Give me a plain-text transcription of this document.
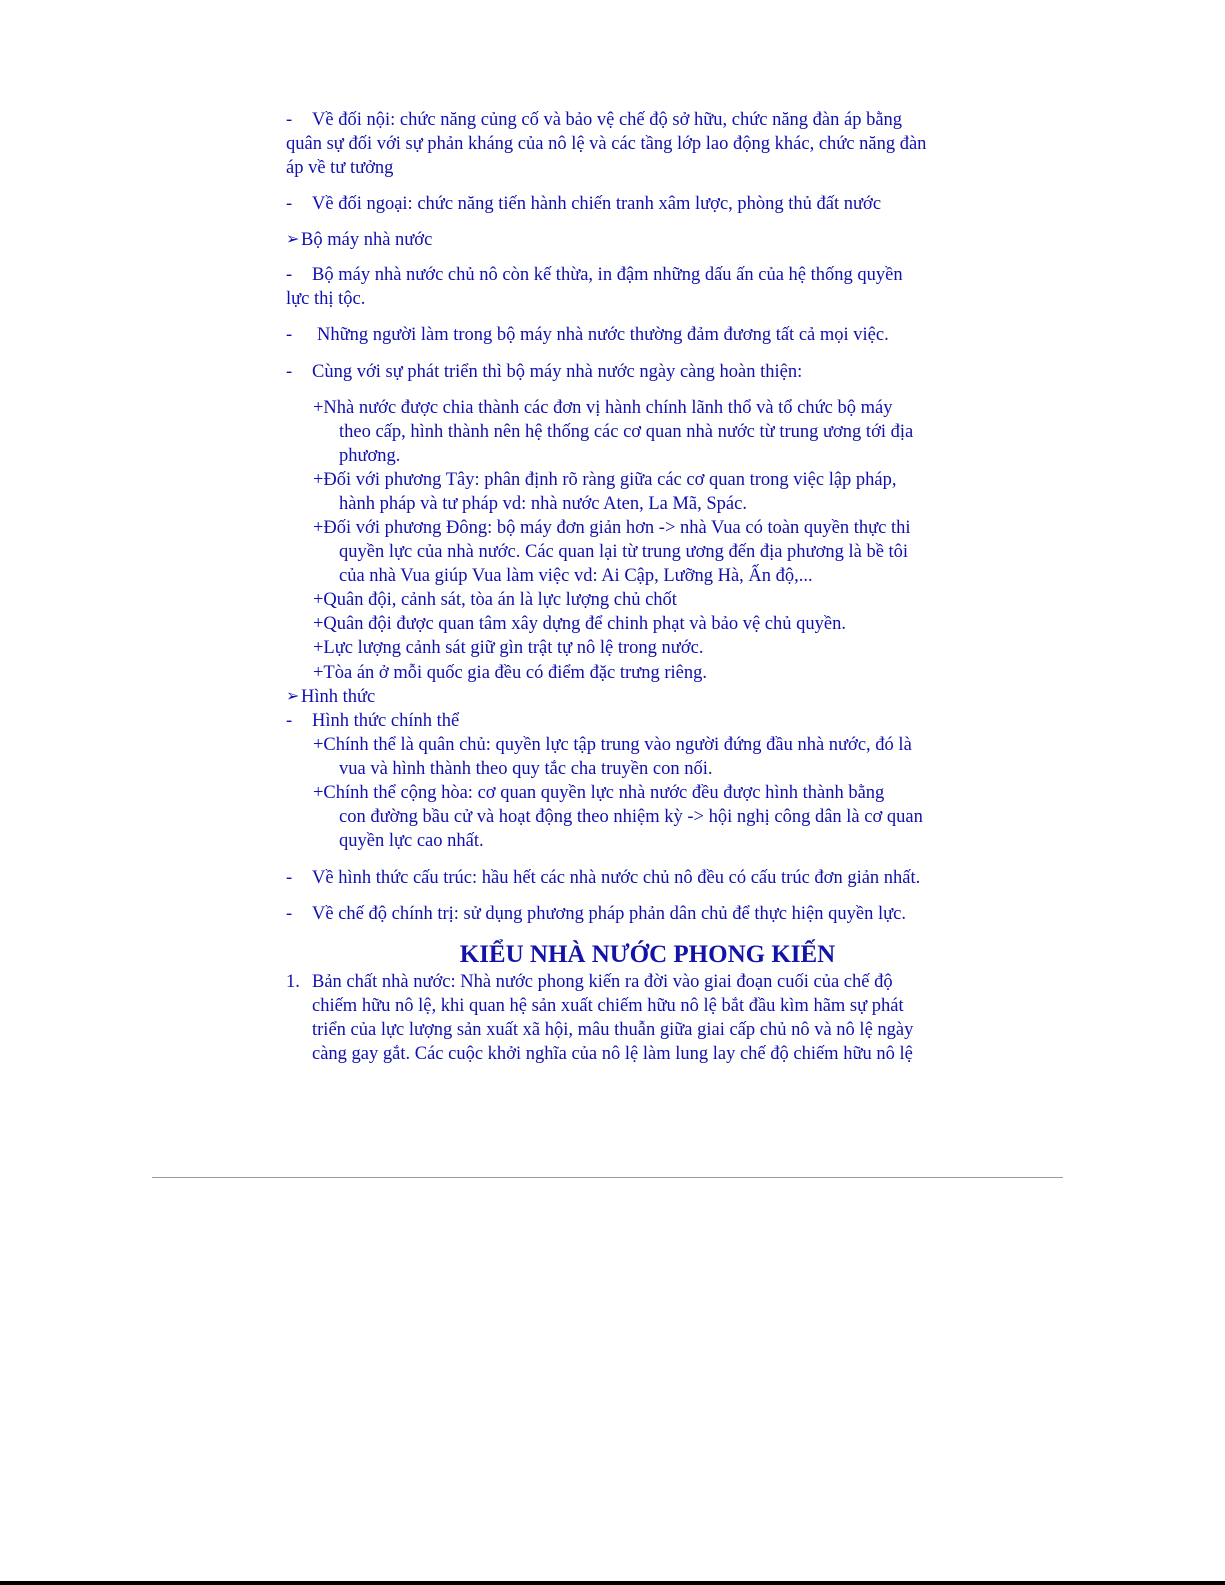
- Về đối nội: chức năng củng cố và bảo vệ chế độ sở hữu, chức năng đàn áp bằng
quân sự đối với sự phản kháng của nô lệ và các tầng lớp lao động khác, chức năng đàn
áp về tư tưởng
- Về đối ngoại: chức năng tiến hành chiến tranh xâm lược, phòng thủ đất nước
➢ Bộ máy nhà nước
- Bộ máy nhà nước chủ nô còn kế thừa, in đậm những dấu ấn của hệ thống quyền
lực thị tộc.
- Những người làm trong bộ máy nhà nước thường đảm đương tất cả mọi việc.
- Cùng với sự phát triển thì bộ máy nhà nước ngày càng hoàn thiện:
+Nhà nước được chia thành các đơn vị hành chính lãnh thổ và tổ chức bộ máy
theo cấp, hình thành nên hệ thống các cơ quan nhà nước từ trung ương tới địa
phương.
+Đối với phương Tây: phân định rõ ràng giữa các cơ quan trong việc lập pháp,
hành pháp và tư pháp vd: nhà nước Aten, La Mã, Spác.
+Đối với phương Đông: bộ máy đơn giản hơn -> nhà Vua có toàn quyền thực thi
quyền lực của nhà nước. Các quan lại từ trung ương đến địa phương là bề tôi
của nhà Vua giúp Vua làm việc vd: Ai Cập, Lưỡng Hà, Ấn độ,...
+Quân đội, cảnh sát, tòa án là lực lượng chủ chốt
+Quân đội được quan tâm xây dựng để chinh phạt và bảo vệ chủ quyền.
+Lực lượng cảnh sát giữ gìn trật tự nô lệ trong nước.
+Tòa án ở mỗi quốc gia đều có điểm đặc trưng riêng.
➢ Hình thức
- Hình thức chính thể
+Chính thể là quân chủ: quyền lực tập trung vào người đứng đầu nhà nước, đó là
vua và hình thành theo quy tắc cha truyền con nối.
+Chính thể cộng hòa: cơ quan quyền lực nhà nước đều được hình thành bằng
con đường bầu cử và hoạt động theo nhiệm kỳ -> hội nghị công dân là cơ quan
quyền lực cao nhất.
- Về hình thức cấu trúc: hầu hết các nhà nước chủ nô đều có cấu trúc đơn giản nhất.
- Về chế độ chính trị: sử dụng phương pháp phản dân chủ để thực hiện quyền lực.
KIỂU NHÀ NƯỚC PHONG KIẾN
1. Bản chất nhà nước: Nhà nước phong kiến ra đời vào giai đoạn cuối của chế độ
chiếm hữu nô lệ, khi quan hệ sản xuất chiếm hữu nô lệ bắt đầu kìm hãm sự phát
triển của lực lượng sản xuất xã hội, mâu thuẫn giữa giai cấp chủ nô và nô lệ ngày
càng gay gắt. Các cuộc khởi nghĩa của nô lệ làm lung lay chế độ chiếm hữu nô lệ
